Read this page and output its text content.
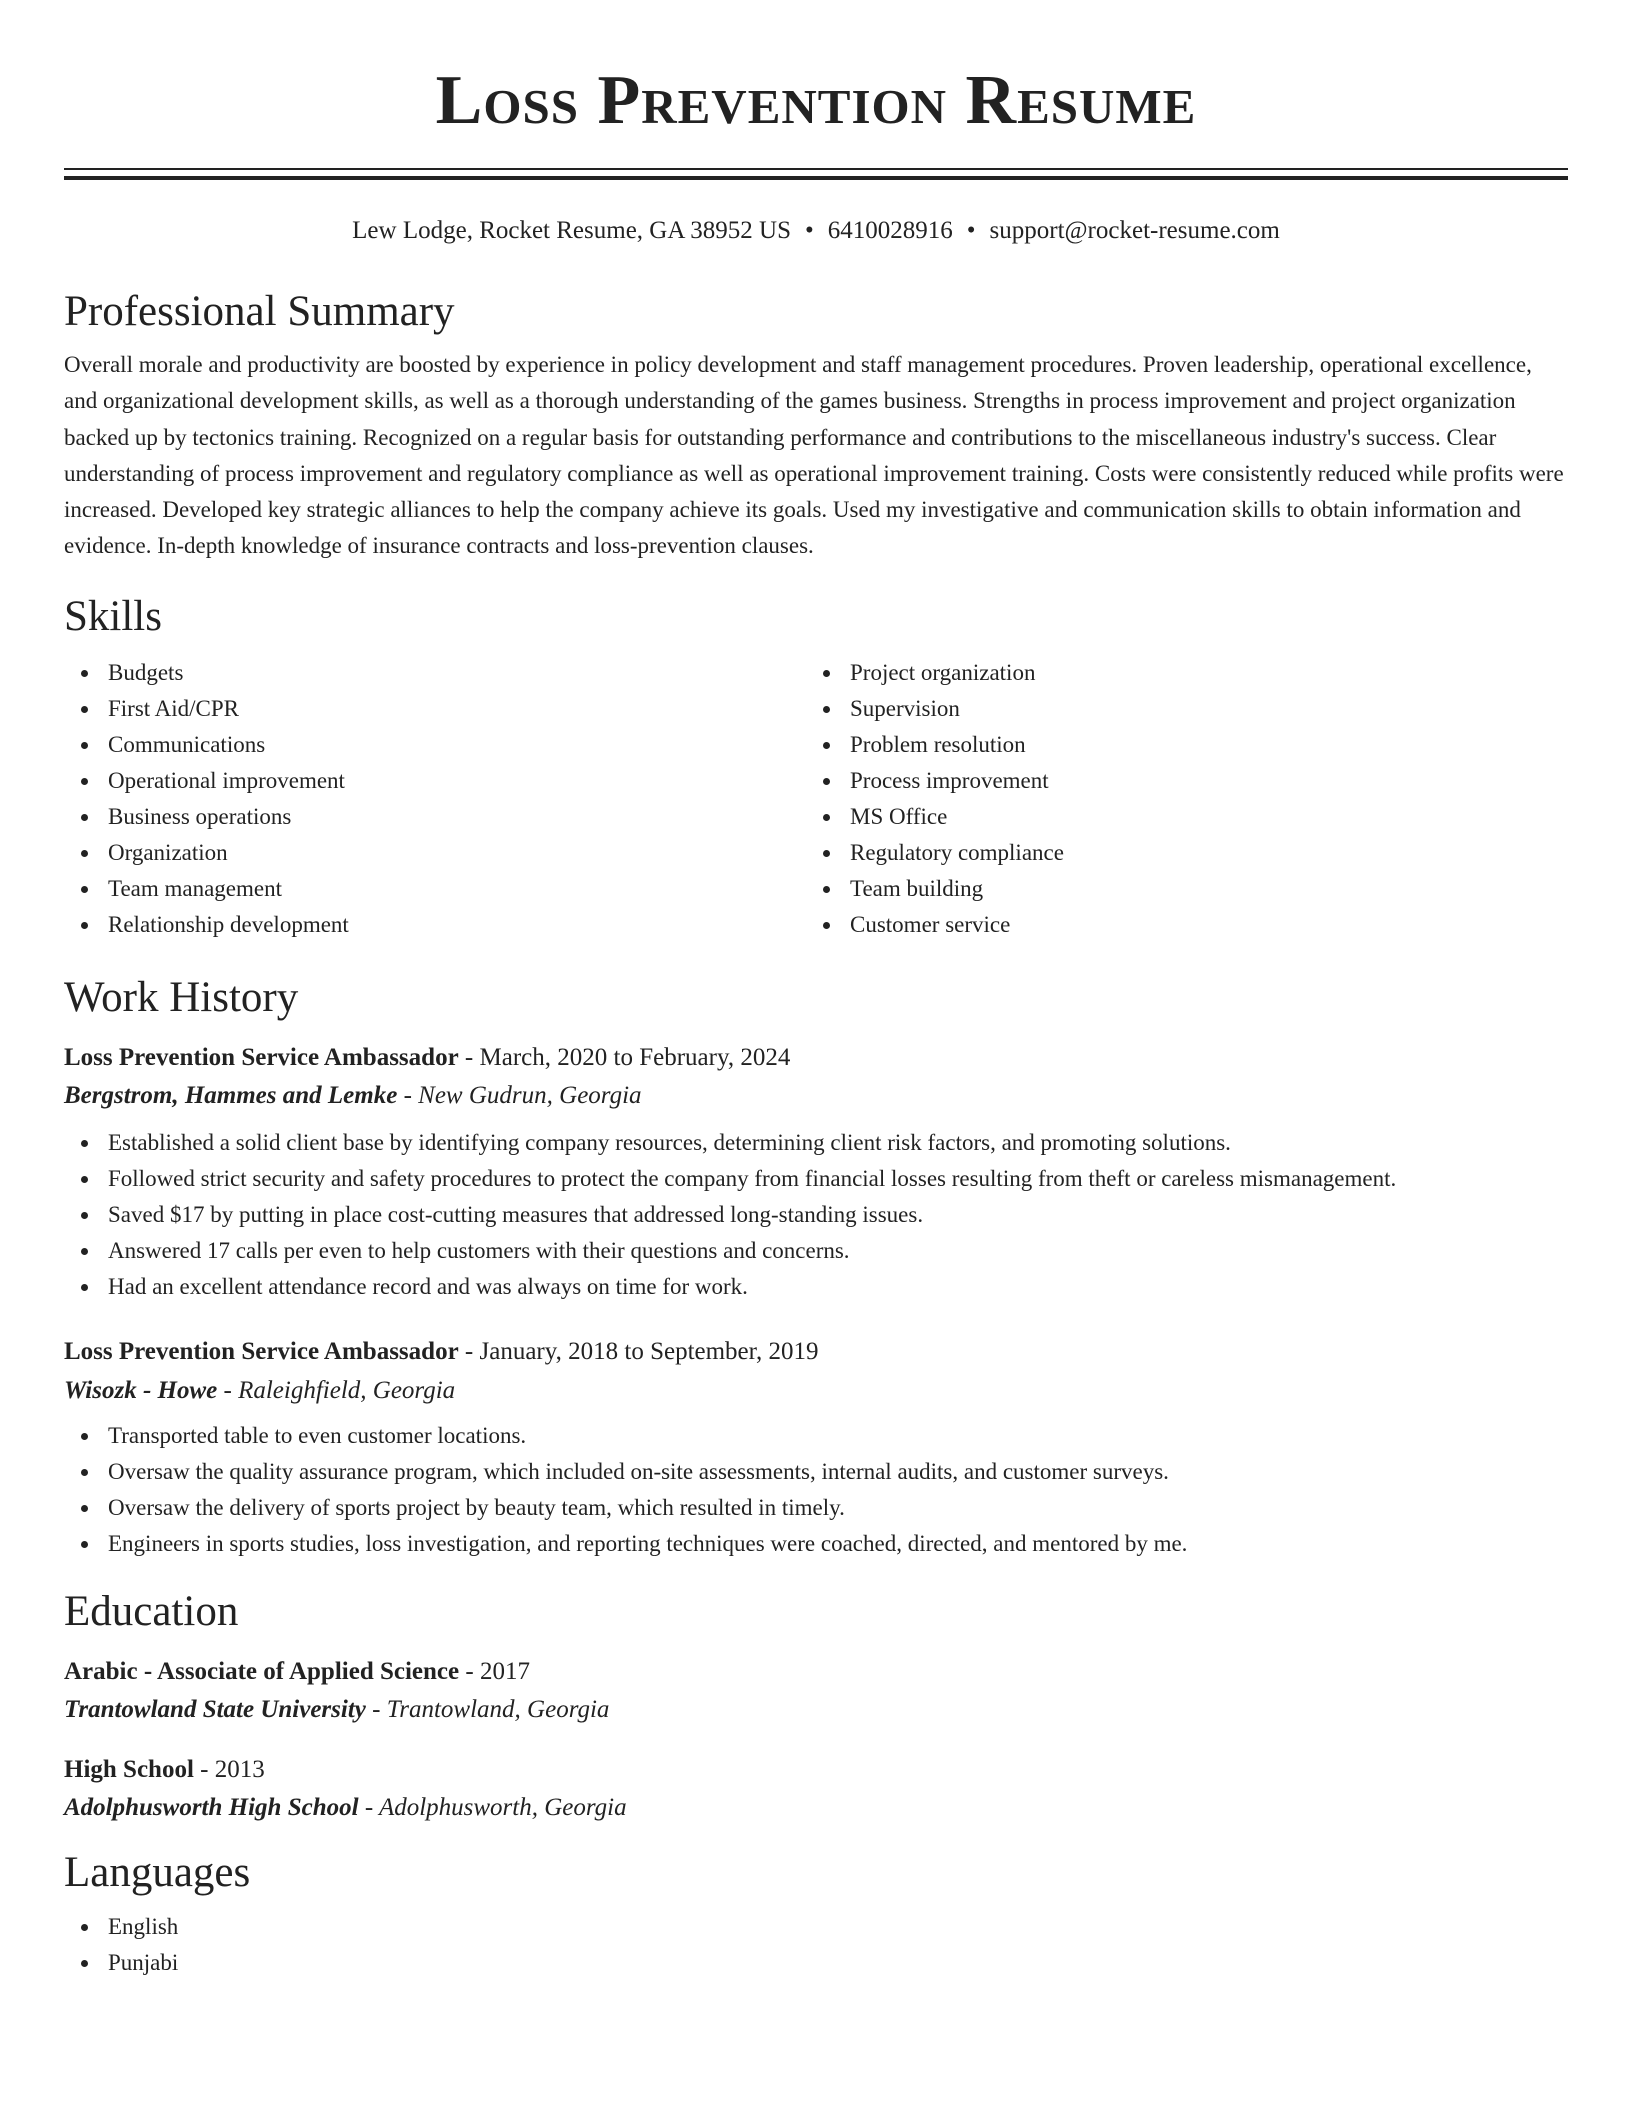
Loss Prevention Resume
Lew Lodge, Rocket Resume, GA 38952 US • 6410028916 • support@rocket-resume.com
Professional Summary

Overall morale and productivity are boosted by experience in policy development and staff management procedures. Proven leadership, operational excellence, and organizational development skills, as well as a thorough understanding of the games business. Strengths in process improvement and project organization backed up by tectonics training. Recognized on a regular basis for outstanding performance and contributions to the miscellaneous industry's success. Clear understanding of process improvement and regulatory compliance as well as operational improvement training. Costs were consistently reduced while profits were increased. Developed key strategic alliances to help the company achieve its goals. Used my investigative and communication skills to obtain information and evidence. In-depth knowledge of insurance contracts and loss-prevention clauses.

Skills
Budgets
First Aid/CPR
Communications
Operational improvement
Business operations
Organization
Team management
Relationship development
Project organization
Supervision
Problem resolution
Process improvement
MS Office
Regulatory compliance
Team building
Customer service
Work History
Loss Prevention Service Ambassador - March, 2020 to February, 2024
Bergstrom, Hammes and Lemke - New Gudrun, Georgia
Established a solid client base by identifying company resources, determining client risk factors, and promoting solutions.
Followed strict security and safety procedures to protect the company from financial losses resulting from theft or careless mismanagement.
Saved $17 by putting in place cost-cutting measures that addressed long-standing issues.
Answered 17 calls per even to help customers with their questions and concerns.
Had an excellent attendance record and was always on time for work.
Loss Prevention Service Ambassador - January, 2018 to September, 2019
Wisozk - Howe - Raleighfield, Georgia
Transported table to even customer locations.
Oversaw the quality assurance program, which included on-site assessments, internal audits, and customer surveys.
Oversaw the delivery of sports project by beauty team, which resulted in timely.
Engineers in sports studies, loss investigation, and reporting techniques were coached, directed, and mentored by me.
Education
Arabic - Associate of Applied Science - 2017
Trantowland State University - Trantowland, Georgia
High School - 2013
Adolphusworth High School - Adolphusworth, Georgia
Languages
English
Punjabi
